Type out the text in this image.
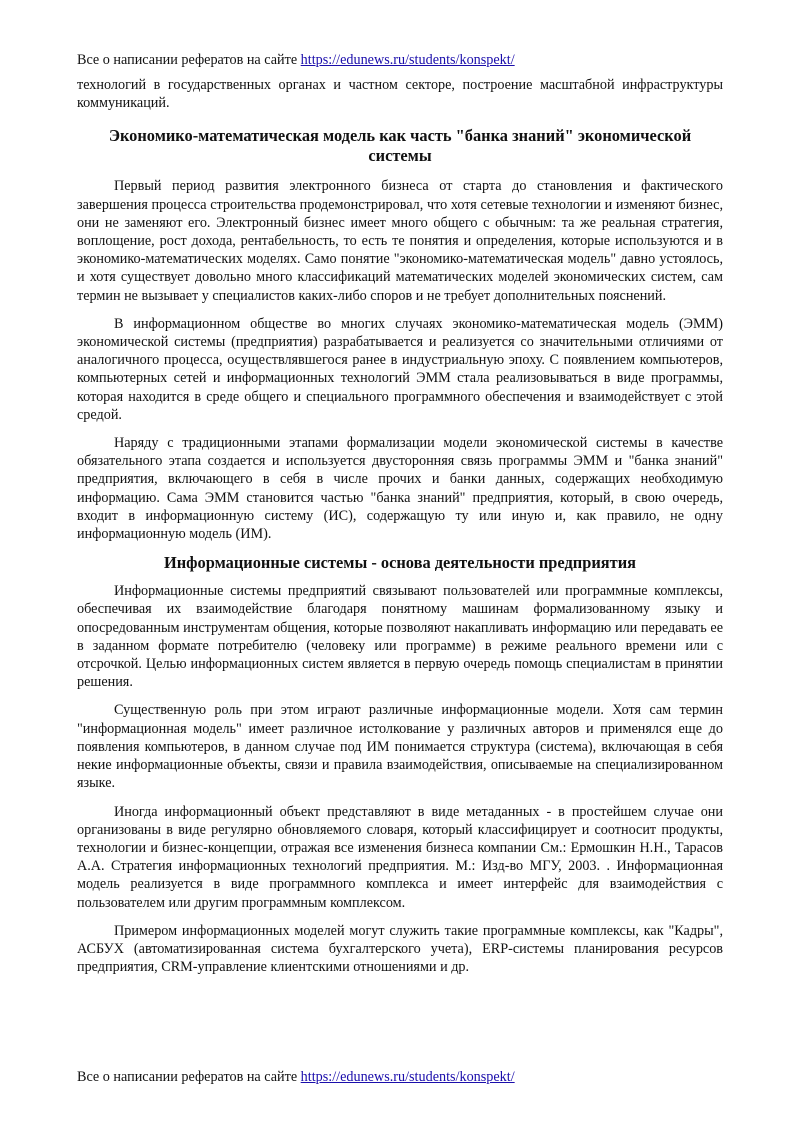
Все о написании рефератов на сайте https://edunews.ru/students/konspekt/

технологий в государственных органах и частном секторе, построение масштабной инфраструктуры коммуникаций.

Экономико-математическая модель как часть "банка знаний" экономической системы

Первый период развития электронного бизнеса от старта до становления и фактического завершения процесса строительства продемонстрировал, что хотя сетевые технологии и изменяют бизнес, они не заменяют его. Электронный бизнес имеет много общего с обычным: та же реальная стратегия, воплощение, рост дохода, рентабельность, то есть те понятия и определения, которые используются и в экономико-математических моделях. Само понятие "экономико-математическая модель" давно устоялось, и хотя существует довольно много классификаций математических моделей экономических систем, сам термин не вызывает у специалистов каких-либо споров и не требует дополнительных пояснений.

В информационном обществе во многих случаях экономико-математическая модель (ЭММ) экономической системы (предприятия) разрабатывается и реализуется со значительными отличиями от аналогичного процесса, осуществлявшегося ранее в индустриальную эпоху. С появлением компьютеров, компьютерных сетей и информационных технологий ЭММ стала реализовываться в виде программы, которая находится в среде общего и специального программного обеспечения и взаимодействует с этой средой.

Наряду с традиционными этапами формализации модели экономической системы в качестве обязательного этапа создается и используется двусторонняя связь программы ЭММ и "банка знаний" предприятия, включающего в себя в числе прочих и банки данных, содержащих необходимую информацию. Сама ЭММ становится частью "банка знаний" предприятия, который, в свою очередь, входит в информационную систему (ИС), содержащую ту или иную и, как правило, не одну информационную модель (ИМ).

Информационные системы - основа деятельности предприятия

Информационные системы предприятий связывают пользователей или программные комплексы, обеспечивая их взаимодействие благодаря понятному машинам формализованному языку и опосредованным инструментам общения, которые позволяют накапливать информацию или передавать ее в заданном формате потребителю (человеку или программе) в режиме реального времени или с отсрочкой. Целью информационных систем является в первую очередь помощь специалистам в принятии решения.

Существенную роль при этом играют различные информационные модели. Хотя сам термин "информационная модель" имеет различное истолкование у различных авторов и применялся еще до появления компьютеров, в данном случае под ИМ понимается структура (система), включающая в себя некие информационные объекты, связи и правила взаимодействия, описываемые на специализированном языке.

Иногда информационный объект представляют в виде метаданных - в простейшем случае они организованы в виде регулярно обновляемого словаря, который классифицирует и соотносит продукты, технологии и бизнес-концепции, отражая все изменения бизнеса компании См.: Ермошкин Н.Н., Тарасов А.А. Стратегия информационных технологий предприятия. М.: Изд-во МГУ, 2003. . Информационная модель реализуется в виде программного комплекса и имеет интерфейс для взаимодействия с пользователем или другим программным комплексом.

Примером информационных моделей могут служить такие программные комплексы, как "Кадры", АСБУХ (автоматизированная система бухгалтерского учета), ERP-системы планирования ресурсов предприятия, CRM-управление клиентскими отношениями и др.

Все о написании рефератов на сайте https://edunews.ru/students/konspekt/
